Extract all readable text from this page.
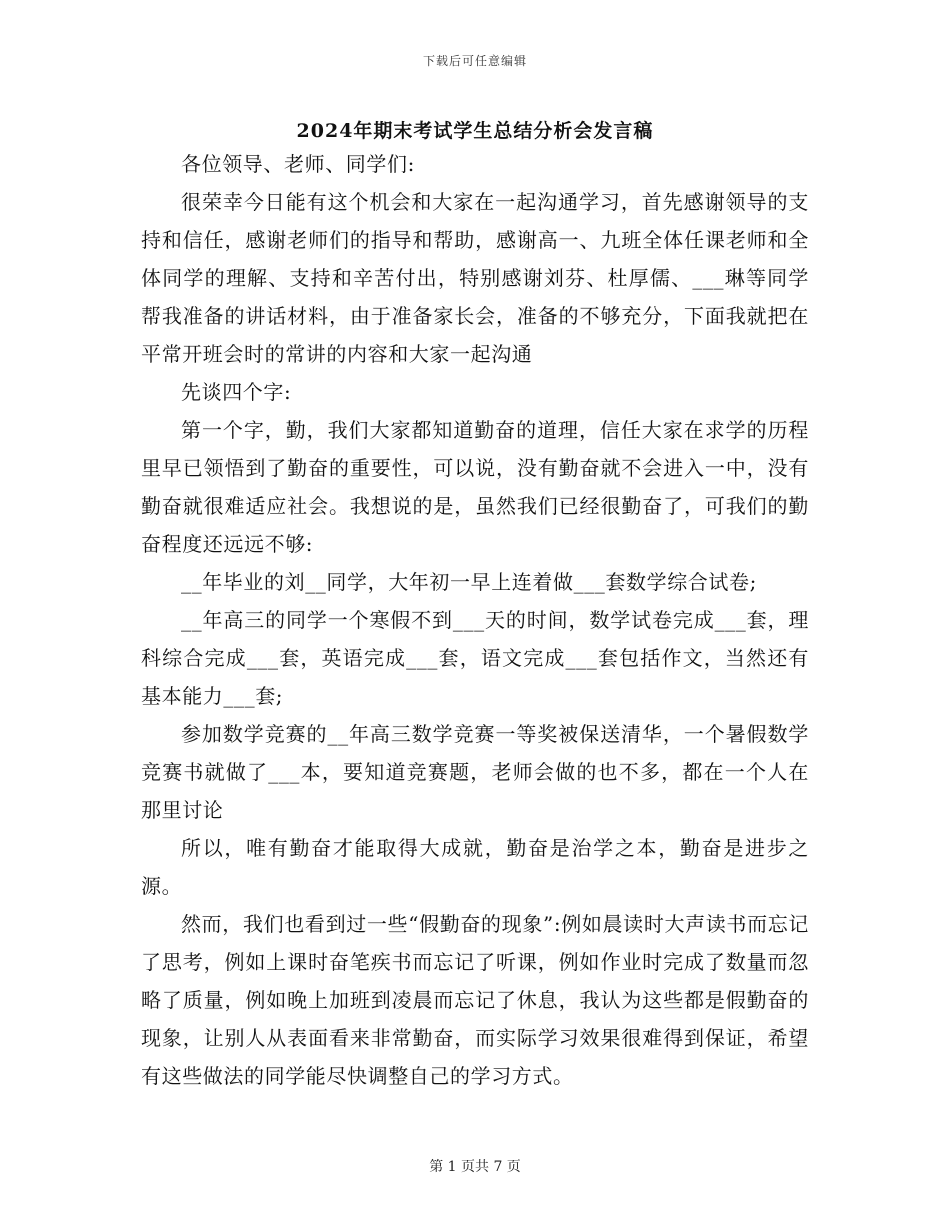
下载后可任意编辑
2024年期末考试学生总结分析会发言稿

各位领导、老师、同学们:

很荣幸今日能有这个机会和大家在一起沟通学习，首先感谢领导的支持和信任，感谢老师们的指导和帮助，感谢高一、九班全体任课老师和全体同学的理解、支持和辛苦付出，特别感谢刘芬、杜厚儒、___琳等同学帮我准备的讲话材料，由于准备家长会，准备的不够充分，下面我就把在平常开班会时的常讲的内容和大家一起沟通

先谈四个字:

第一个字，勤，我们大家都知道勤奋的道理，信任大家在求学的历程里早已领悟到了勤奋的重要性，可以说，没有勤奋就不会进入一中，没有勤奋就很难适应社会。我想说的是，虽然我们已经很勤奋了，可我们的勤奋程度还远远不够:

__年毕业的刘__同学，大年初一早上连着做___套数学综合试卷;

__年高三的同学一个寒假不到___天的时间，数学试卷完成___套，理科综合完成___套，英语完成___套，语文完成___套包括作文，当然还有基本能力___套;

参加数学竞赛的__年高三数学竞赛一等奖被保送清华，一个暑假数学竞赛书就做了___本，要知道竞赛题，老师会做的也不多，都在一个人在那里讨论

所以，唯有勤奋才能取得大成就，勤奋是治学之本，勤奋是进步之源。

然而，我们也看到过一些“假勤奋的现象”:例如晨读时大声读书而忘记了思考，例如上课时奋笔疾书而忘记了听课，例如作业时完成了数量而忽略了质量，例如晚上加班到凌晨而忘记了休息，我认为这些都是假勤奋的现象，让别人从表面看来非常勤奋，而实际学习效果很难得到保证，希望有这些做法的同学能尽快调整自己的学习方式。

第 1 页共 7 页
